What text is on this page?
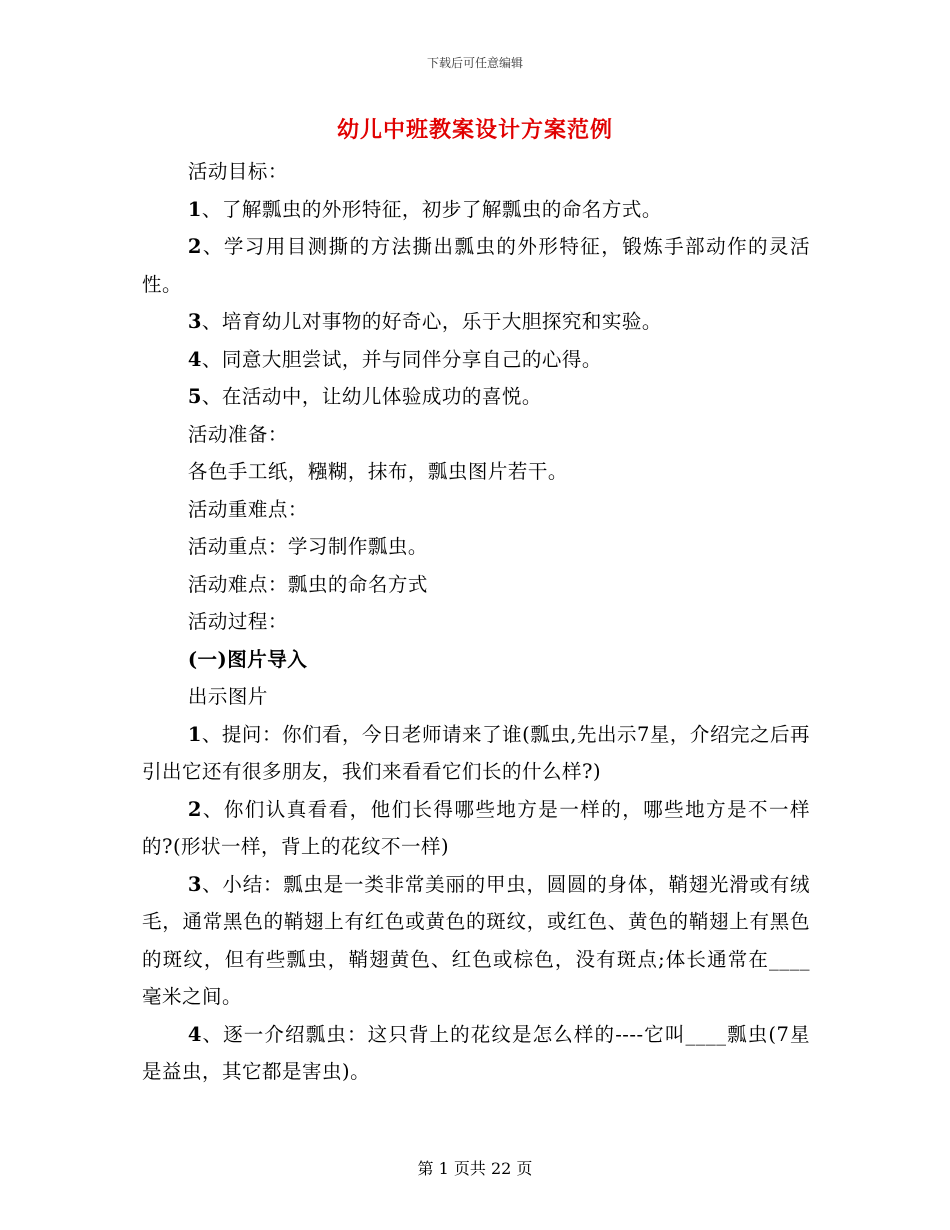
下载后可任意编辑
幼儿中班教案设计方案范例

活动目标：

1、了解瓢虫的外形特征，初步了解瓢虫的命名方式。

2、学习用目测撕的方法撕出瓢虫的外形特征，锻炼手部动作的灵活性。

3、培育幼儿对事物的好奇心，乐于大胆探究和实验。

4、同意大胆尝试，并与同伴分享自己的心得。

5、在活动中，让幼儿体验成功的喜悦。

活动准备：

各色手工纸，糨糊，抹布，瓢虫图片若干。

活动重难点：

活动重点：学习制作瓢虫。

活动难点：瓢虫的命名方式

活动过程：

(一)图片导入

出示图片

1、提问：你们看，今日老师请来了谁(瓢虫,先出示7星，介绍完之后再引出它还有很多朋友，我们来看看它们长的什么样?)

2、你们认真看看，他们长得哪些地方是一样的，哪些地方是不一样的?(形状一样，背上的花纹不一样)

3、小结：瓢虫是一类非常美丽的甲虫，圆圆的身体，鞘翅光滑或有绒毛，通常黑色的鞘翅上有红色或黄色的斑纹，或红色、黄色的鞘翅上有黑色的斑纹，但有些瓢虫，鞘翅黄色、红色或棕色，没有斑点;体长通常在____毫米之间。

4、逐一介绍瓢虫：这只背上的花纹是怎么样的----它叫____瓢虫(7星是益虫，其它都是害虫)。

第 1 页共 22 页
